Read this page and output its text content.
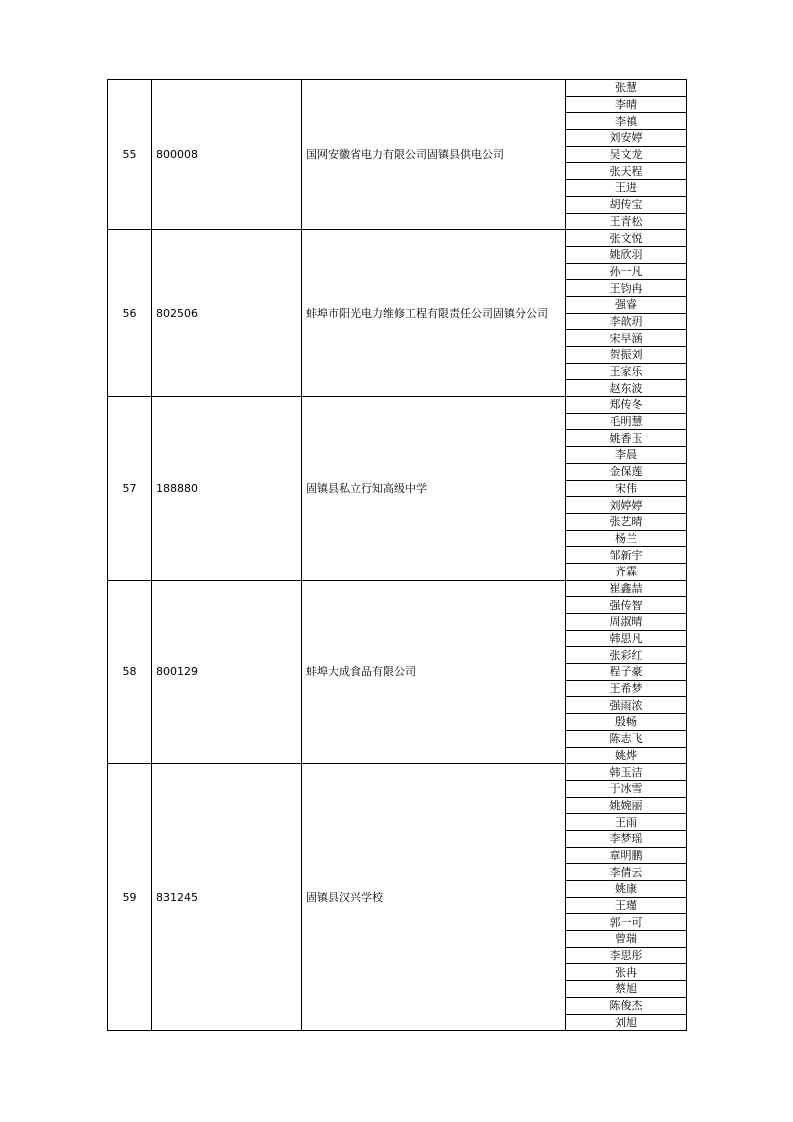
55	800008	国网安徽省电力有限公司固镇县供电公司	张慧
			李晴
			李禛
			刘安婷
			吴文龙
			张天程
			王进
			胡传宝
			王青松
56	802506	蚌埠市阳光电力维修工程有限责任公司固镇分公司	张文悦
			姚欣羽
			孙一凡
			王钧冉
			强睿
			李歆玥
			宋早涵
			贺振刘
			王家乐
			赵东波
57	188880	固镇县私立行知高级中学	郑传冬
			毛明慧
			姚香玉
			李晨
			金保莲
			宋伟
			刘婷婷
			张艺晴
			杨兰
			邹新宇
			齐霖
58	800129	蚌埠大成食品有限公司	崔鑫喆
			强传智
			周淑晴
			韩思凡
			张彩红
			程子豪
			王希梦
			强雨浓
			殷畅
			陈志飞
			姚烨
59	831245	固镇县汉兴学校	韩玉洁
			于冰雪
			姚婉丽
			王雨
			李梦瑶
			章明鹏
			李倩云
			姚康
			王瑾
			郭一可
			曾瑞
			李思彤
			张冉
			蔡旭
			陈俊杰
			刘旭
